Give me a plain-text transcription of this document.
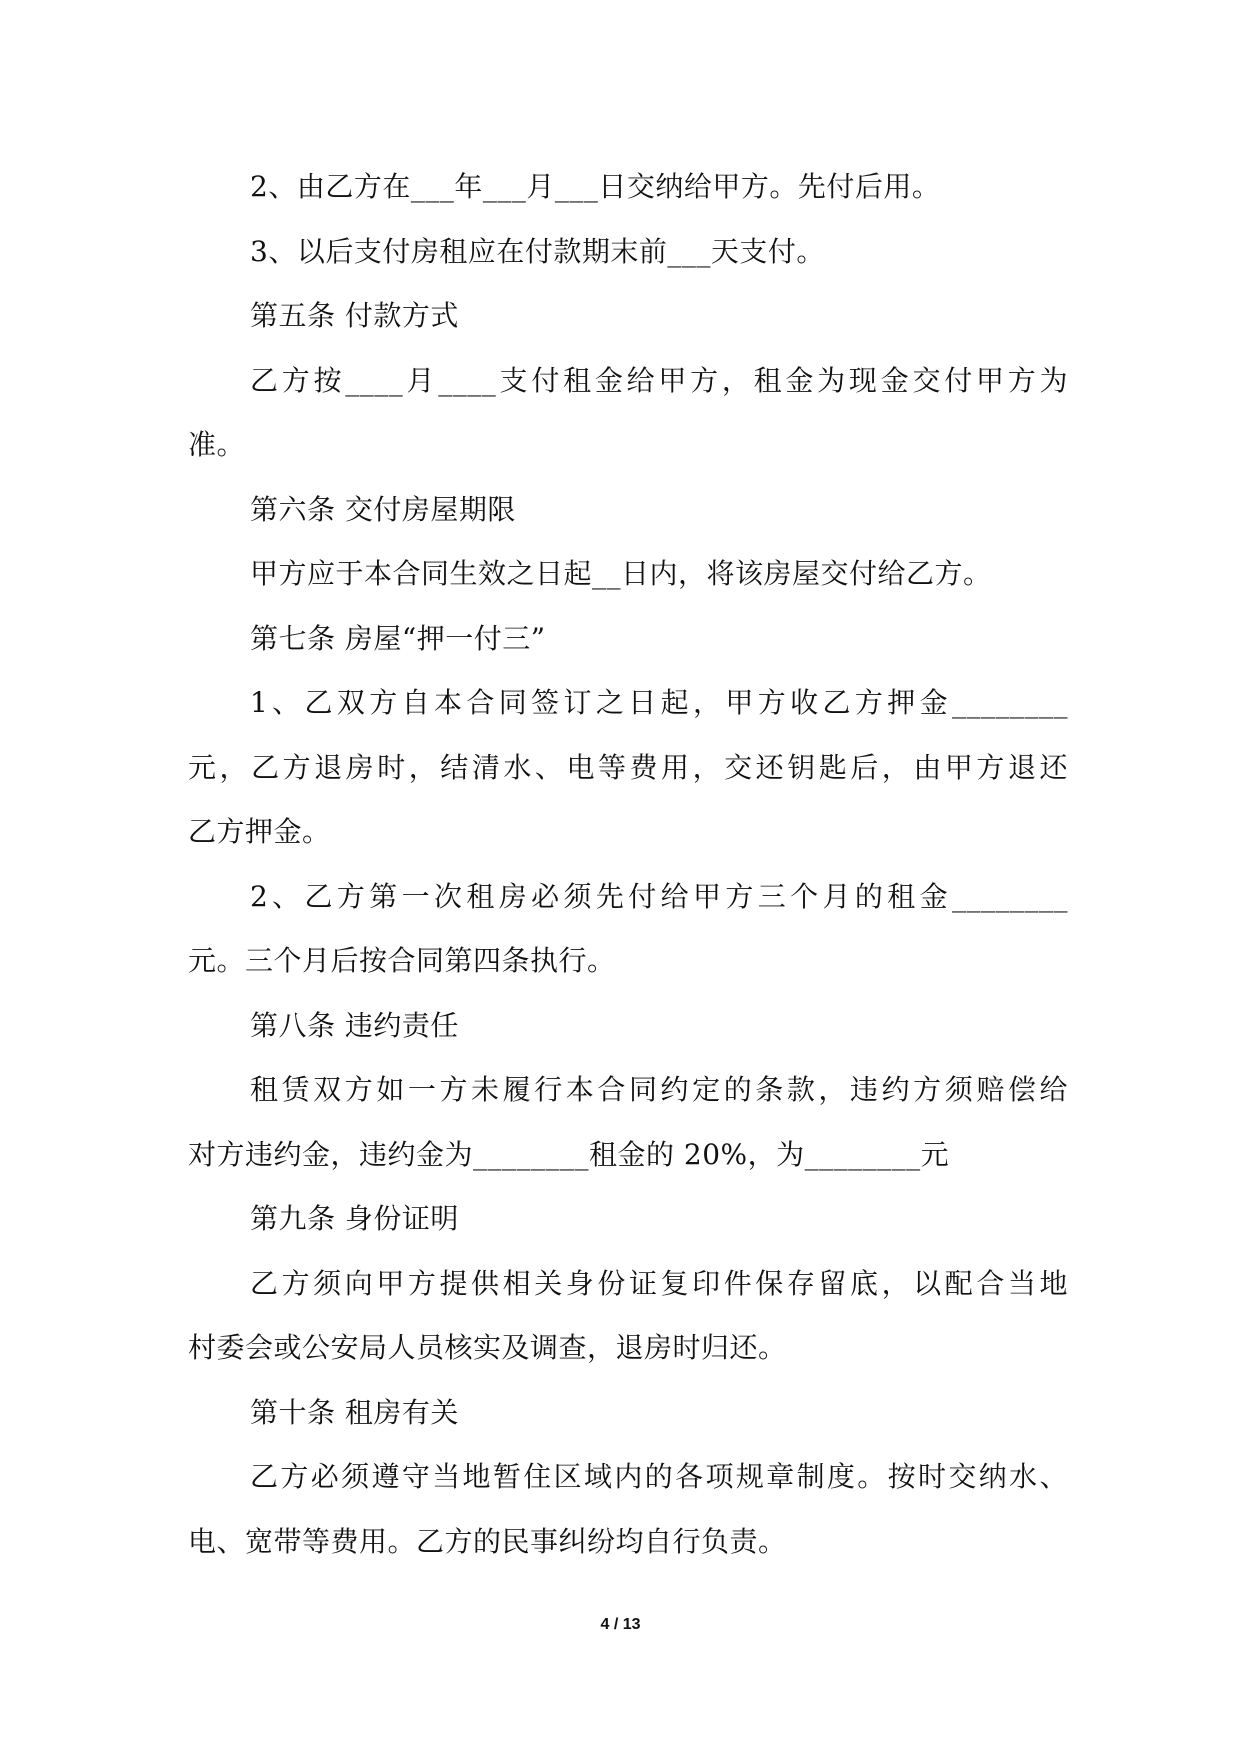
2、由乙方在___年___月___日交纳给甲方。先付后用。
3、以后支付房租应在付款期末前___天支付。
第五条 付款方式
乙方按____月____支付租金给甲方，租金为现金交付甲方为
准。
第六条 交付房屋期限
甲方应于本合同生效之日起__日内，将该房屋交付给乙方。
第七条 房屋“押一付三”
1、乙双方自本合同签订之日起，甲方收乙方押金________
元，乙方退房时，结清水、电等费用，交还钥匙后，由甲方退还
乙方押金。
2、乙方第一次租房必须先付给甲方三个月的租金________
元。三个月后按合同第四条执行。
第八条 违约责任
租赁双方如一方未履行本合同约定的条款，违约方须赔偿给
对方违约金，违约金为________租金的 20%，为________元
第九条 身份证明
乙方须向甲方提供相关身份证复印件保存留底，以配合当地
村委会或公安局人员核实及调查，退房时归还。
第十条 租房有关
乙方必须遵守当地暂住区域内的各项规章制度。按时交纳水、
电、宽带等费用。乙方的民事纠纷均自行负责。
4 / 13
